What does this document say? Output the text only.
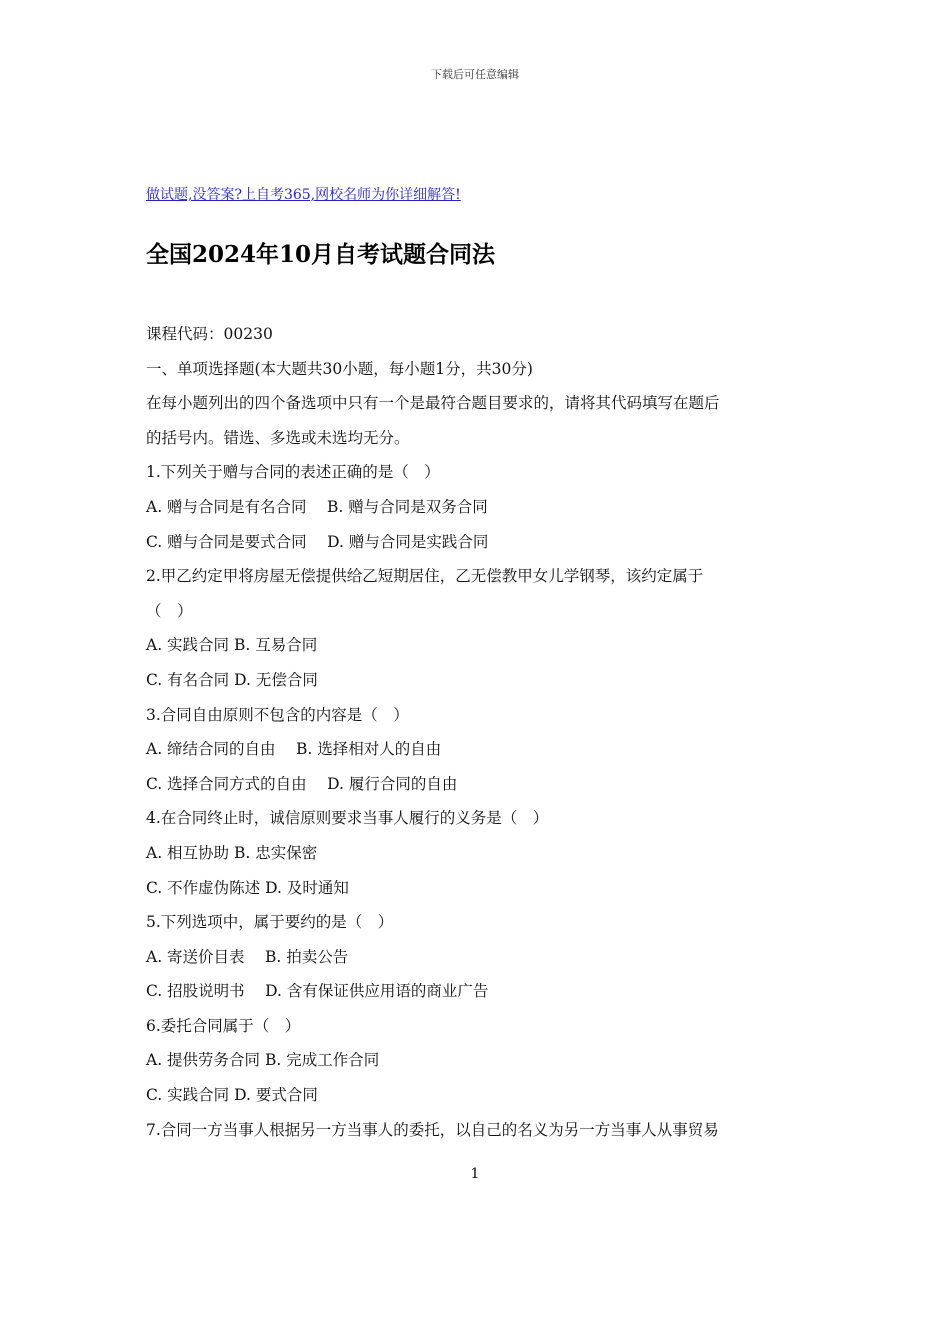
下载后可任意编辑
做试题,没答案?上自考365,网校名师为你详细解答!
全国2024年10月自考试题合同法
课程代码：00230
一、单项选择题(本大题共30小题，每小题1分，共30分)
在每小题列出的四个备选项中只有一个是最符合题目要求的，请将其代码填写在题后
的括号内。错选、多选或未选均无分。
1.下列关于赠与合同的表述正确的是（　）
A. 赠与合同是有名合同　 B. 赠与合同是双务合同
C. 赠与合同是要式合同　 D. 赠与合同是实践合同
2.甲乙约定甲将房屋无偿提供给乙短期居住，乙无偿教甲女儿学钢琴，该约定属于
（　）
A. 实践合同 B. 互易合同
C. 有名合同 D. 无偿合同
3.合同自由原则不包含的内容是（　）
A. 缔结合同的自由　 B. 选择相对人的自由
C. 选择合同方式的自由　 D. 履行合同的自由
4.在合同终止时，诚信原则要求当事人履行的义务是（　）
A. 相互协助 B. 忠实保密
C. 不作虚伪陈述 D. 及时通知
5.下列选项中，属于要约的是（　）
A. 寄送价目表　 B. 拍卖公告
C. 招股说明书　 D. 含有保证供应用语的商业广告
6.委托合同属于（　）
A. 提供劳务合同 B. 完成工作合同
C. 实践合同 D. 要式合同
7.合同一方当事人根据另一方当事人的委托，以自己的名义为另一方当事人从事贸易
1
